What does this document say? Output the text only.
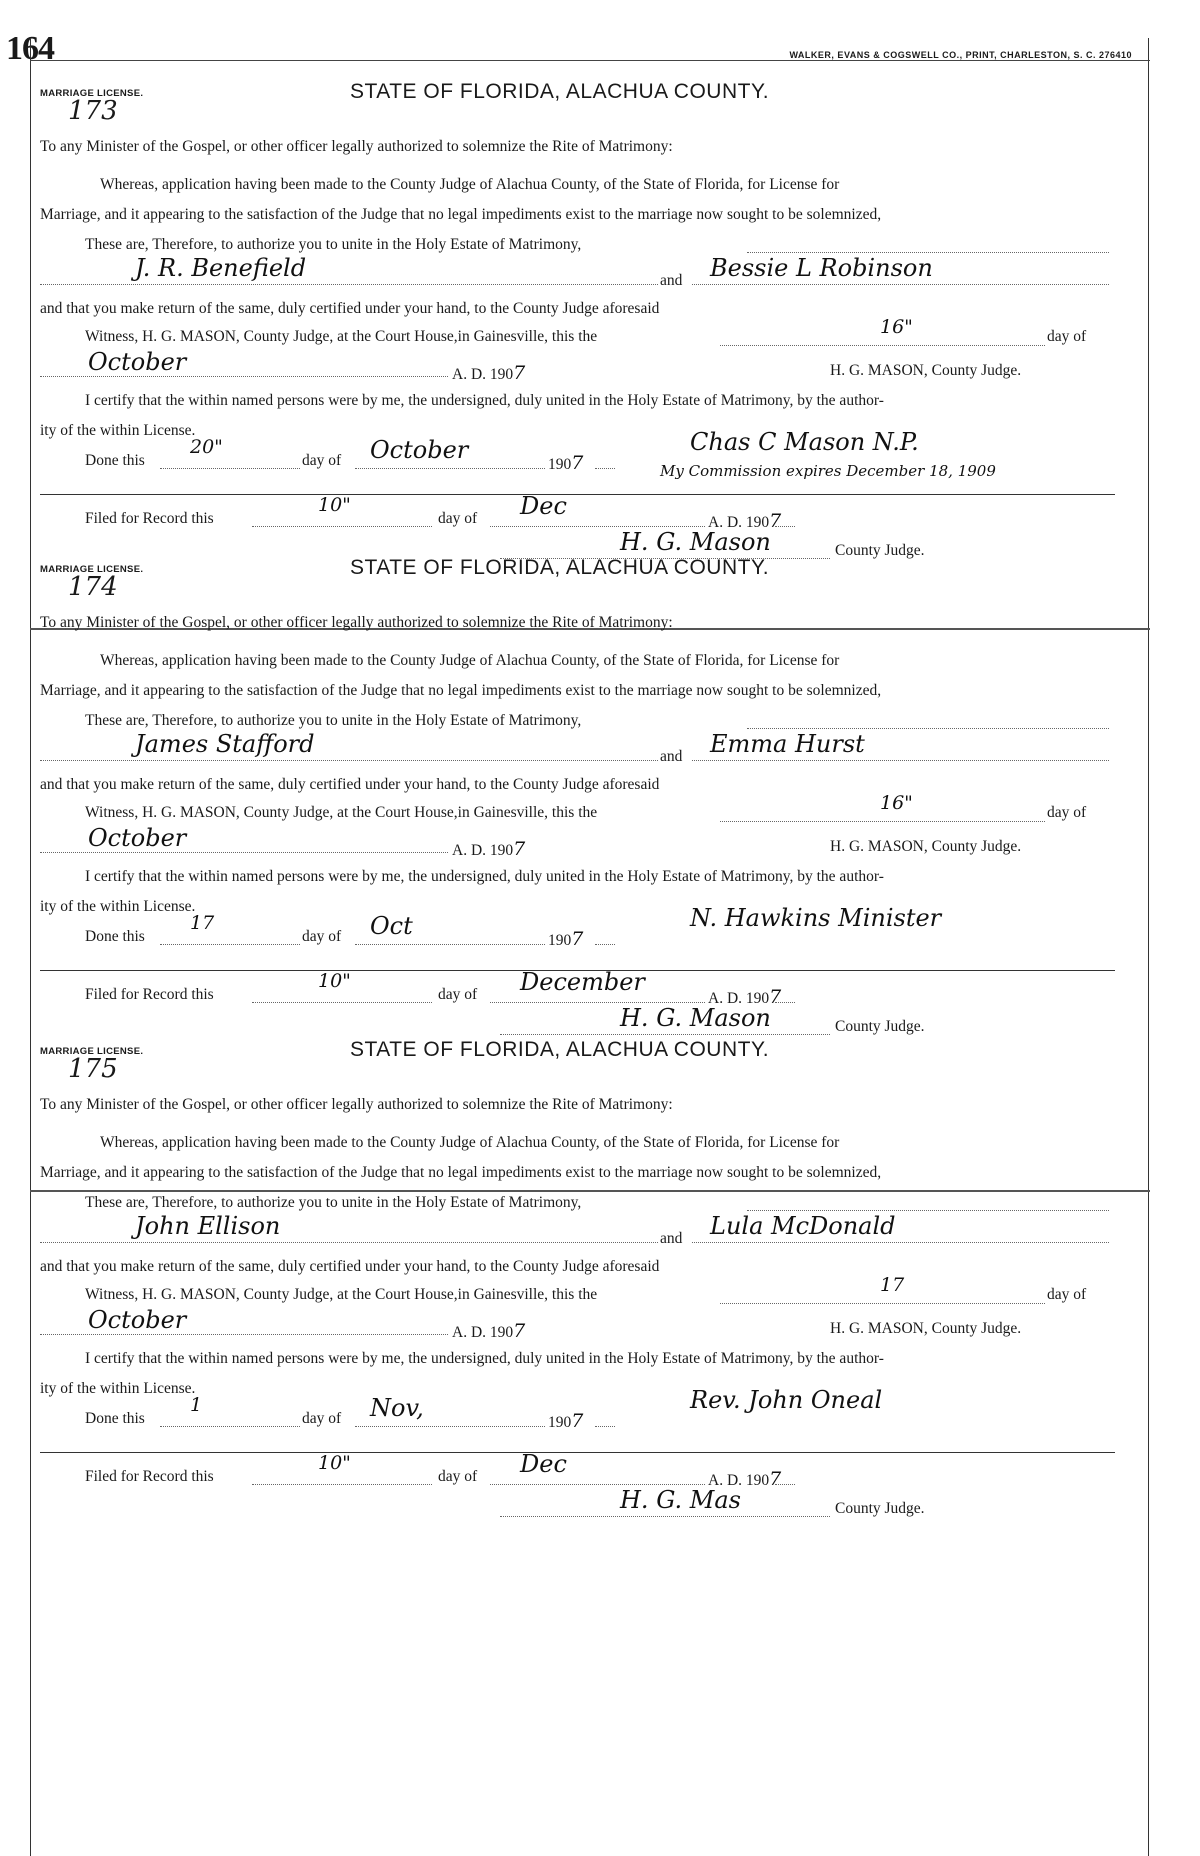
164	WALKER, EVANS & COGSWELL CO., PRINT, CHARLESTON, S. C. 276410
MARRIAGE LICENSE.	STATE OF FLORIDA, ALACHUA COUNTY.
173
To any Minister of the Gospel, or other officer legally authorized to solemnize the Rite of Matrimony:
Whereas, application having been made to the County Judge of Alachua County, of the State of Florida, for License for
Marriage, and it appearing to the satisfaction of the Judge that no legal impediments exist to the marriage now sought to be solemnized,
These are, Therefore, to authorize you to unite in the Holy Estate of Matrimony,
J. R. Benefield	and Bessie L Robinson
and that you make return of the same, duly certified under your hand, to the County Judge aforesaid
Witness, H. G. MASON, County Judge, at the Court House,in Gainesville, this the	16"	day of
October	A. D. 1907	H. G. MASON, County Judge.
I certify that the within named persons were by me, the undersigned, duly united in the Holy Estate of Matrimony, by the author-
ity of the within License.
Done this
20"
day of October
1907
Chas C Mason N.P.
My Commission expires December 18, 1909
Filed for Record this
10"
day of Dec
A. D. 1907
H. G. Mason	County Judge.
MARRIAGE LICENSE.	STATE OF FLORIDA, ALACHUA COUNTY.
174
To any Minister of the Gospel, or other officer legally authorized to solemnize the Rite of Matrimony:
Whereas, application having been made to the County Judge of Alachua County, of the State of Florida, for License for
Marriage, and it appearing to the satisfaction of the Judge that no legal impediments exist to the marriage now sought to be solemnized,
These are, Therefore, to authorize you to unite in the Holy Estate of Matrimony,
James Stafford	and Emma Hurst
and that you make return of the same, duly certified under your hand, to the County Judge aforesaid
Witness, H. G. MASON, County Judge, at the Court House,in Gainesville, this the	16"	day of
October	A. D. 1907	H. G. MASON, County Judge.
I certify that the within named persons were by me, the undersigned, duly united in the Holy Estate of Matrimony, by the author-
ity of the within License.
Done this
17
day of Oct
1907
N. Hawkins Minister
Filed for Record this
10"
day of December
A. D. 1907
H. G. Mason	County Judge.
MARRIAGE LICENSE.	STATE OF FLORIDA, ALACHUA COUNTY.
175
To any Minister of the Gospel, or other officer legally authorized to solemnize the Rite of Matrimony:
Whereas, application having been made to the County Judge of Alachua County, of the State of Florida, for License for
Marriage, and it appearing to the satisfaction of the Judge that no legal impediments exist to the marriage now sought to be solemnized,
These are, Therefore, to authorize you to unite in the Holy Estate of Matrimony,
John Ellison	and Lula McDonald
and that you make return of the same, duly certified under your hand, to the County Judge aforesaid
Witness, H. G. MASON, County Judge, at the Court House,in Gainesville, this the	17	day of
October	A. D. 1907	H. G. MASON, County Judge.
I certify that the within named persons were by me, the undersigned, duly united in the Holy Estate of Matrimony, by the author-
ity of the within License.
Done this
1
day of Nov,
1907
Rev. John Oneal
Filed for Record this
10"
day of Dec
A. D. 1907
H. G. Mas	County Judge.
